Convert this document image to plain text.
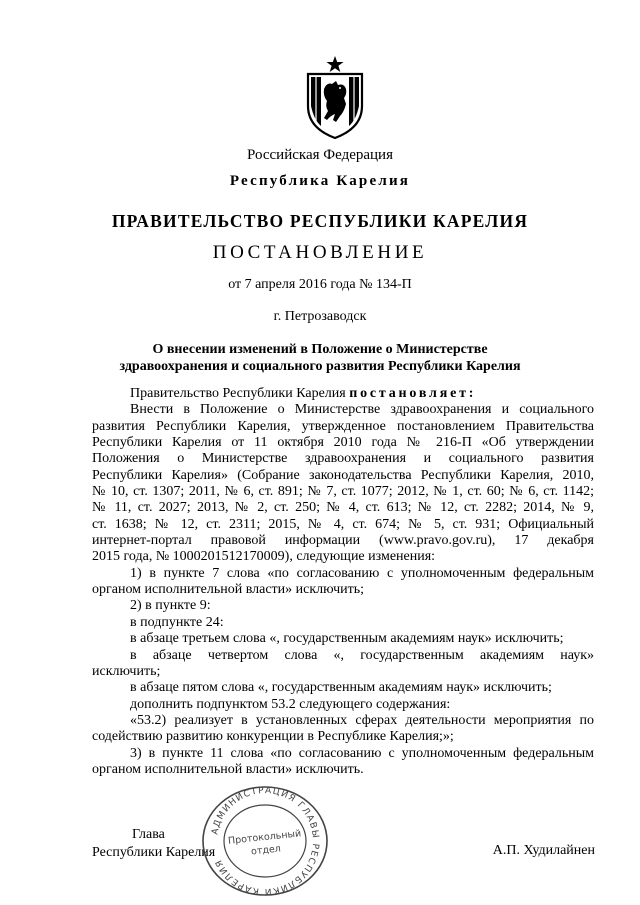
Российская Федерация
Республика Карелия
ПРАВИТЕЛЬСТВО РЕСПУБЛИКИ КАРЕЛИЯ
ПОСТАНОВЛЕНИЕ
от 7 апреля 2016 года № 134-П
г. Петрозаводск
О внесении изменений в Положение о Министерстве
здравоохранения и социального развития Республики Карелия

Правительство Республики Карелия постановляет:

Внести в Положение о Министерстве здравоохранения и социального

развития Республики Карелия, утвержденное постановлением Правительства

Республики Карелия от 11 октября 2010 года № 216-П «Об утверждении

Положения о Министерстве здравоохранения и социального развития

Республики Карелия» (Собрание законодательства Республики Карелия, 2010,

№ 10, ст. 1307; 2011, № 6, ст. 891; № 7, ст. 1077; 2012, № 1, ст. 60; № 6, ст. 1142;

№ 11, ст. 2027; 2013, № 2, ст. 250; № 4, ст. 613; № 12, ст. 2282; 2014, № 9,

ст. 1638; № 12, ст. 2311; 2015, № 4, ст. 674; № 5, ст. 931; Официальный

интернет-портал правовой информации (www.pravo.gov.ru), 17 декабря

2015 года, № 1000201512170009), следующие изменения:

1) в пункте 7 слова «по согласованию с уполномоченным федеральным

органом исполнительной власти» исключить;

2) в пункте 9:

в подпункте 24:

в абзаце третьем слова «, государственным академиям наук» исключить;

в абзаце четвертом слова «, государственным академиям наук»

исключить;

в абзаце пятом слова «, государственным академиям наук» исключить;

дополнить подпунктом 53.2 следующего содержания:

«53.2) реализует в установленных сферах деятельности мероприятия по

содействию развитию конкуренции в Республике Карелия;»;

3) в пункте 11 слова «по согласованию с уполномоченным федеральным

органом исполнительной власти» исключить.

Глава
Республики Карелия	А.П. Худилайнен
АДМИНИСТРАЦИЯ ГЛАВЫ РЕСПУБЛИКИ КАРЕЛИЯ
Протокольный
отдел
